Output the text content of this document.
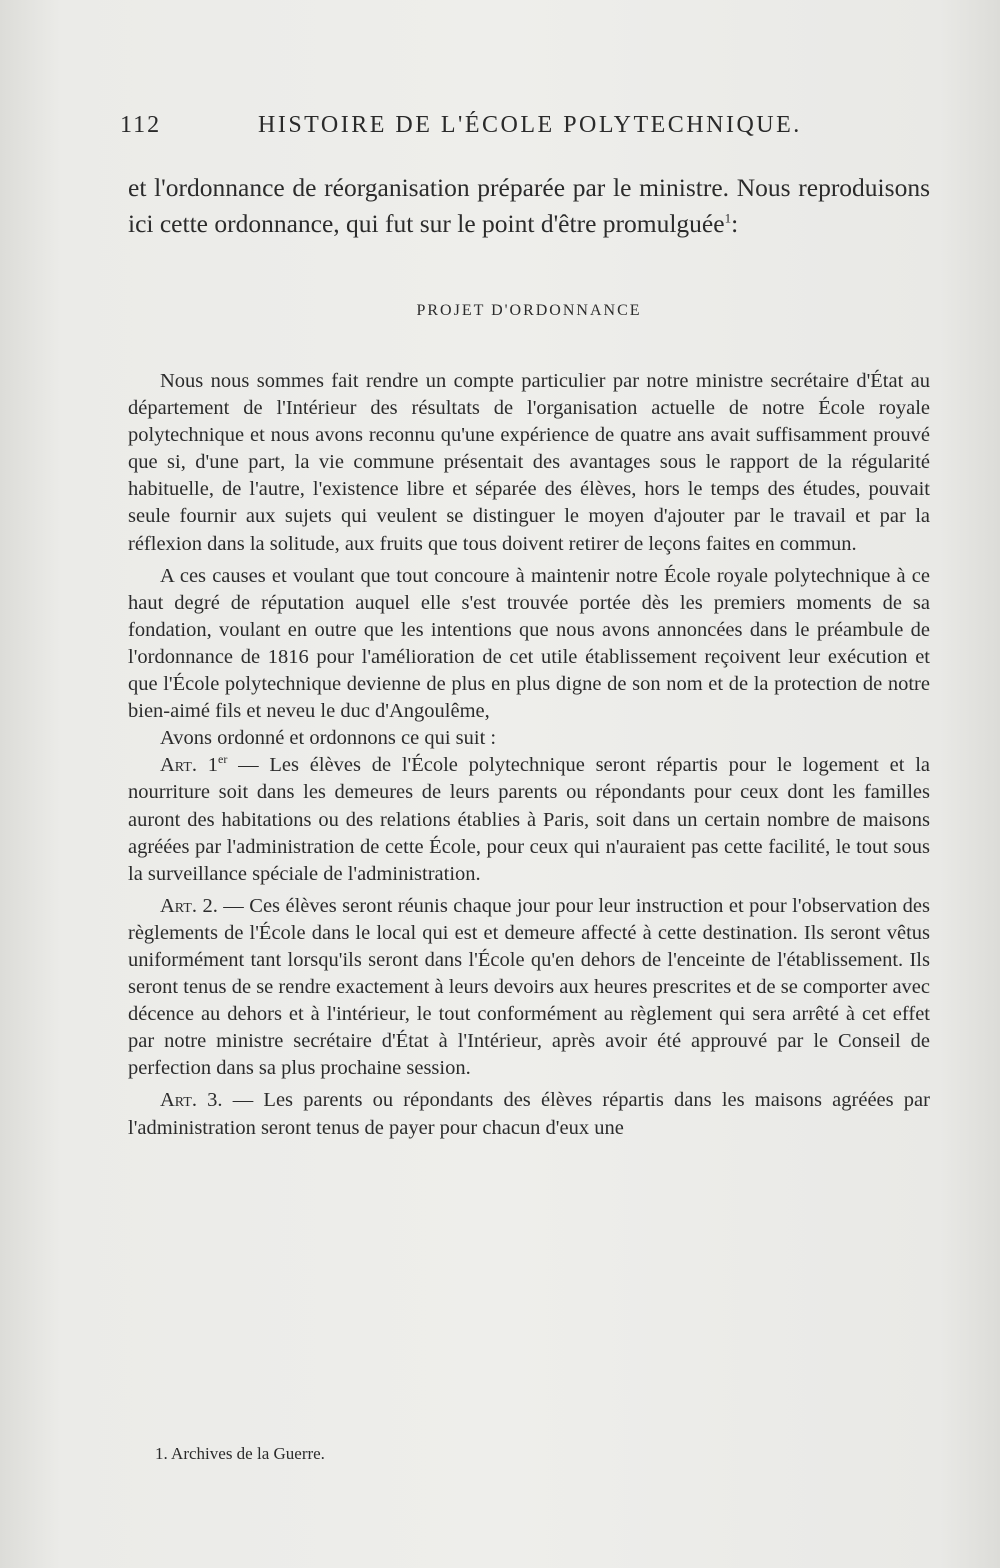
112	HISTOIRE DE L'ÉCOLE POLYTECHNIQUE.
et l'ordonnance de réorganisation préparée par le ministre. Nous reproduisons ici cette ordonnance, qui fut sur le point d'être promulguée$^1$:
PROJET D'ORDONNANCE

Nous nous sommes fait rendre un compte particulier par notre ministre secrétaire d'État au département de l'Intérieur des résultats de l'organisation actuelle de notre École royale polytechnique et nous avons reconnu qu'une expérience de quatre ans avait suffisamment prouvé que si, d'une part, la vie commune présentait des avantages sous le rapport de la régularité habituelle, de l'autre, l'existence libre et séparée des élèves, hors le temps des études, pouvait seule fournir aux sujets qui veulent se distinguer le moyen d'ajouter par le travail et par la réflexion dans la solitude, aux fruits que tous doivent retirer de leçons faites en commun.

A ces causes et voulant que tout concoure à maintenir notre École royale polytechnique à ce haut degré de réputation auquel elle s'est trouvée portée dès les premiers moments de sa fondation, voulant en outre que les intentions que nous avons annoncées dans le préambule de l'ordonnance de 1816 pour l'amélioration de cet utile établissement reçoivent leur exécution et que l'École polytechnique devienne de plus en plus digne de son nom et de la protection de notre bien-aimé fils et neveu le duc d'Angoulême,

Avons ordonné et ordonnons ce qui suit :

Art. 1er — Les élèves de l'École polytechnique seront répartis pour le logement et la nourriture soit dans les demeures de leurs parents ou répondants pour ceux dont les familles auront des habitations ou des relations établies à Paris, soit dans un certain nombre de maisons agréées par l'administration de cette École, pour ceux qui n'auraient pas cette facilité, le tout sous la surveillance spéciale de l'administration.

Art. 2. — Ces élèves seront réunis chaque jour pour leur instruction et pour l'observation des règlements de l'École dans le local qui est et demeure affecté à cette destination. Ils seront vêtus uniformément tant lorsqu'ils seront dans l'École qu'en dehors de l'enceinte de l'établissement. Ils seront tenus de se rendre exactement à leurs devoirs aux heures prescrites et de se comporter avec décence au dehors et à l'intérieur, le tout conformément au règlement qui sera arrêté à cet effet par notre ministre secrétaire d'État à l'Intérieur, après avoir été approuvé par le Conseil de perfection dans sa plus prochaine session.

Art. 3. — Les parents ou répondants des élèves répartis dans les maisons agréées par l'administration seront tenus de payer pour chacun d'eux une

1. Archives de la Guerre.
